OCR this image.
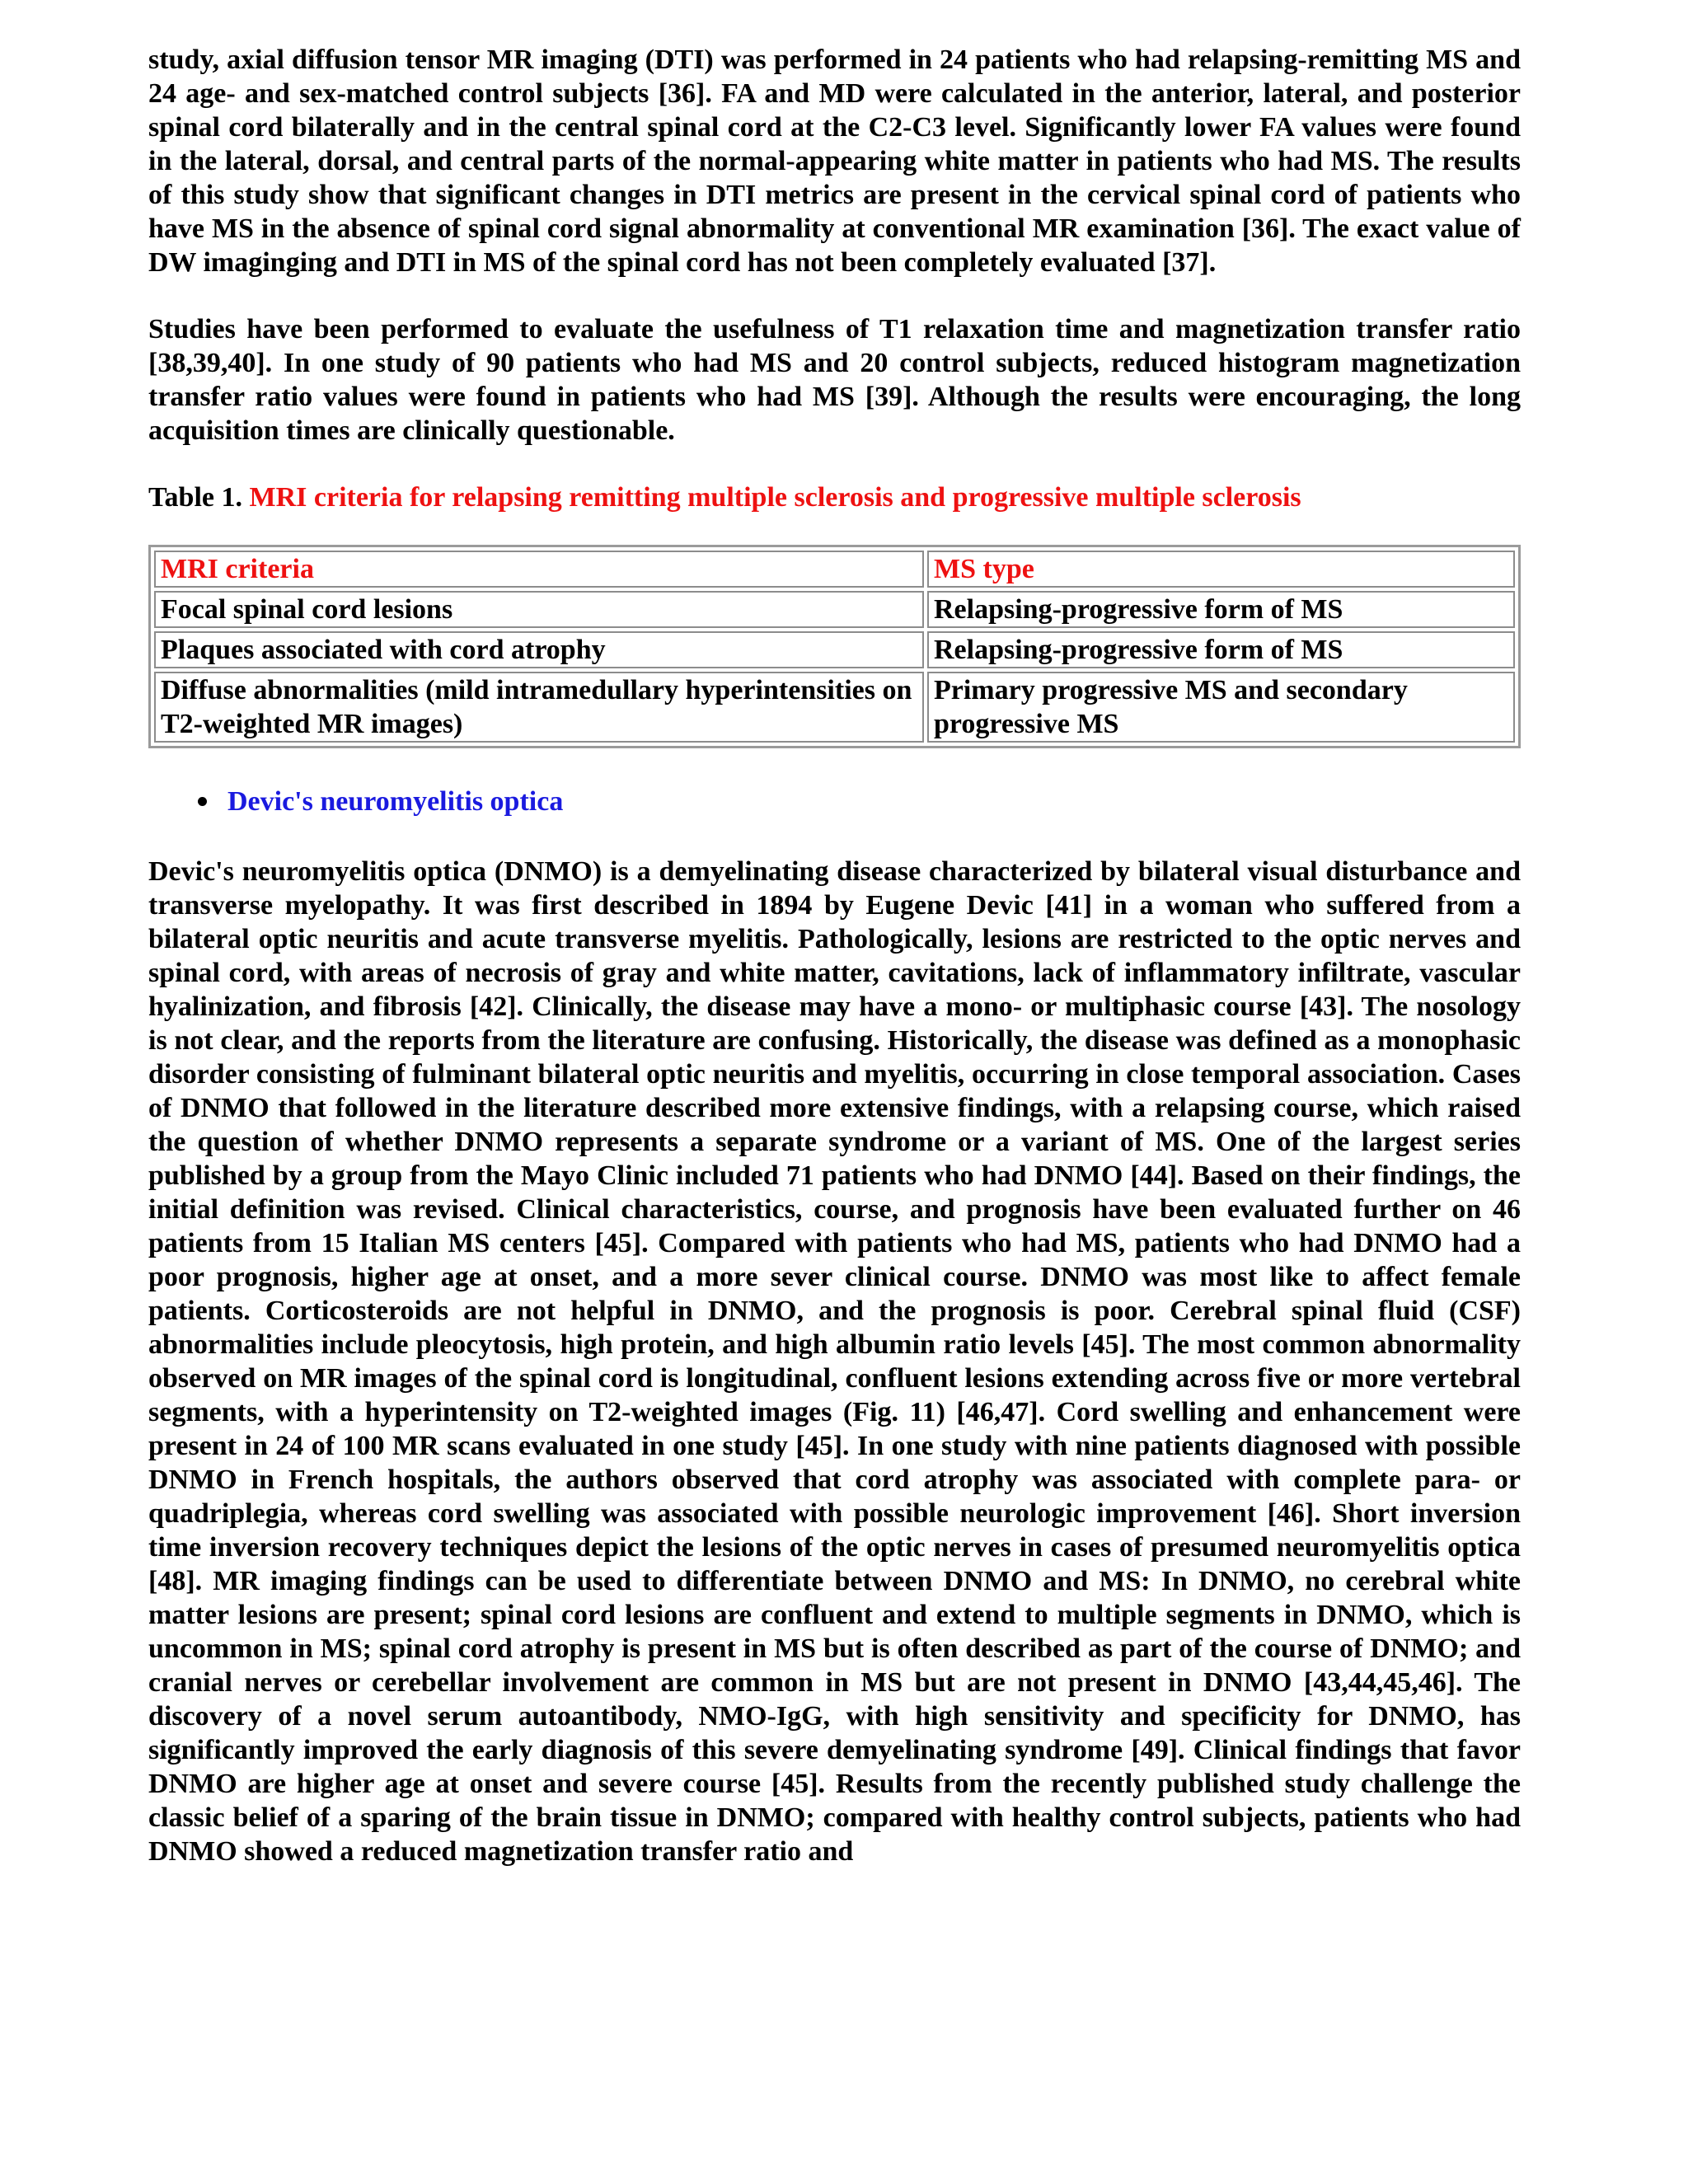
study, axial diffusion tensor MR imaging (DTI) was performed in 24 patients who had relapsing-remitting MS and 24 age- and sex-matched control subjects [36]. FA and MD were calculated in the anterior, lateral, and posterior spinal cord bilaterally and in the central spinal cord at the C2-C3 level. Significantly lower FA values were found in the lateral, dorsal, and central parts of the normal-appearing white matter in patients who had MS. The results of this study show that significant changes in DTI metrics are present in the cervical spinal cord of patients who have MS in the absence of spinal cord signal abnormality at conventional MR examination [36]. The exact value of DW imaginging and DTI in MS of the spinal cord has not been completely evaluated [37].

Studies have been performed to evaluate the usefulness of T1 relaxation time and magnetization transfer ratio [38,39,40]. In one study of 90 patients who had MS and 20 control subjects, reduced histogram magnetization transfer ratio values were found in patients who had MS [39]. Although the results were encouraging, the long acquisition times are clinically questionable.

Table 1. MRI criteria for relapsing remitting multiple sclerosis and progressive multiple sclerosis
MRI criteria	MS type
Focal spinal cord lesions	Relapsing-progressive form of MS
Plaques associated with cord atrophy	Relapsing-progressive form of MS
Diffuse abnormalities (mild intramedullary hyperintensities on T2-weighted MR images)	Primary progressive MS and secondary progressive MS
Devic's neuromyelitis optica

Devic's neuromyelitis optica (DNMO) is a demyelinating disease characterized by bilateral visual disturbance and transverse myelopathy. It was first described in 1894 by Eugene Devic [41] in a woman who suffered from a bilateral optic neuritis and acute transverse myelitis. Pathologically, lesions are restricted to the optic nerves and spinal cord, with areas of necrosis of gray and white matter, cavitations, lack of inflammatory infiltrate, vascular hyalinization, and fibrosis [42]. Clinically, the disease may have a mono- or multiphasic course [43]. The nosology is not clear, and the reports from the literature are confusing. Historically, the disease was defined as a monophasic disorder consisting of fulminant bilateral optic neuritis and myelitis, occurring in close temporal association. Cases of DNMO that followed in the literature described more extensive findings, with a relapsing course, which raised the question of whether DNMO represents a separate syndrome or a variant of MS. One of the largest series published by a group from the Mayo Clinic included 71 patients who had DNMO [44]. Based on their findings, the initial definition was revised. Clinical characteristics, course, and prognosis have been evaluated further on 46 patients from 15 Italian MS centers [45]. Compared with patients who had MS, patients who had DNMO had a poor prognosis, higher age at onset, and a more sever clinical course. DNMO was most like to affect female patients. Corticosteroids are not helpful in DNMO, and the prognosis is poor. Cerebral spinal fluid (CSF) abnormalities include pleocytosis, high protein, and high albumin ratio levels [45]. The most common abnormality observed on MR images of the spinal cord is longitudinal, confluent lesions extending across five or more vertebral segments, with a hyperintensity on T2-weighted images (Fig. 11) [46,47]. Cord swelling and enhancement were present in 24 of 100 MR scans evaluated in one study [45]. In one study with nine patients diagnosed with possible DNMO in French hospitals, the authors observed that cord atrophy was associated with complete para- or quadriplegia, whereas cord swelling was associated with possible neurologic improvement [46]. Short inversion time inversion recovery techniques depict the lesions of the optic nerves in cases of presumed neuromyelitis optica [48]. MR imaging findings can be used to differentiate between DNMO and MS: In DNMO, no cerebral white matter lesions are present; spinal cord lesions are confluent and extend to multiple segments in DNMO, which is uncommon in MS; spinal cord atrophy is present in MS but is often described as part of the course of DNMO; and cranial nerves or cerebellar involvement are common in MS but are not present in DNMO [43,44,45,46]. The discovery of a novel serum autoantibody, NMO-IgG, with high sensitivity and specificity for DNMO, has significantly improved the early diagnosis of this severe demyelinating syndrome [49]. Clinical findings that favor DNMO are higher age at onset and severe course [45]. Results from the recently published study challenge the classic belief of a sparing of the brain tissue in DNMO; compared with healthy control subjects, patients who had DNMO showed a reduced magnetization transfer ratio and
